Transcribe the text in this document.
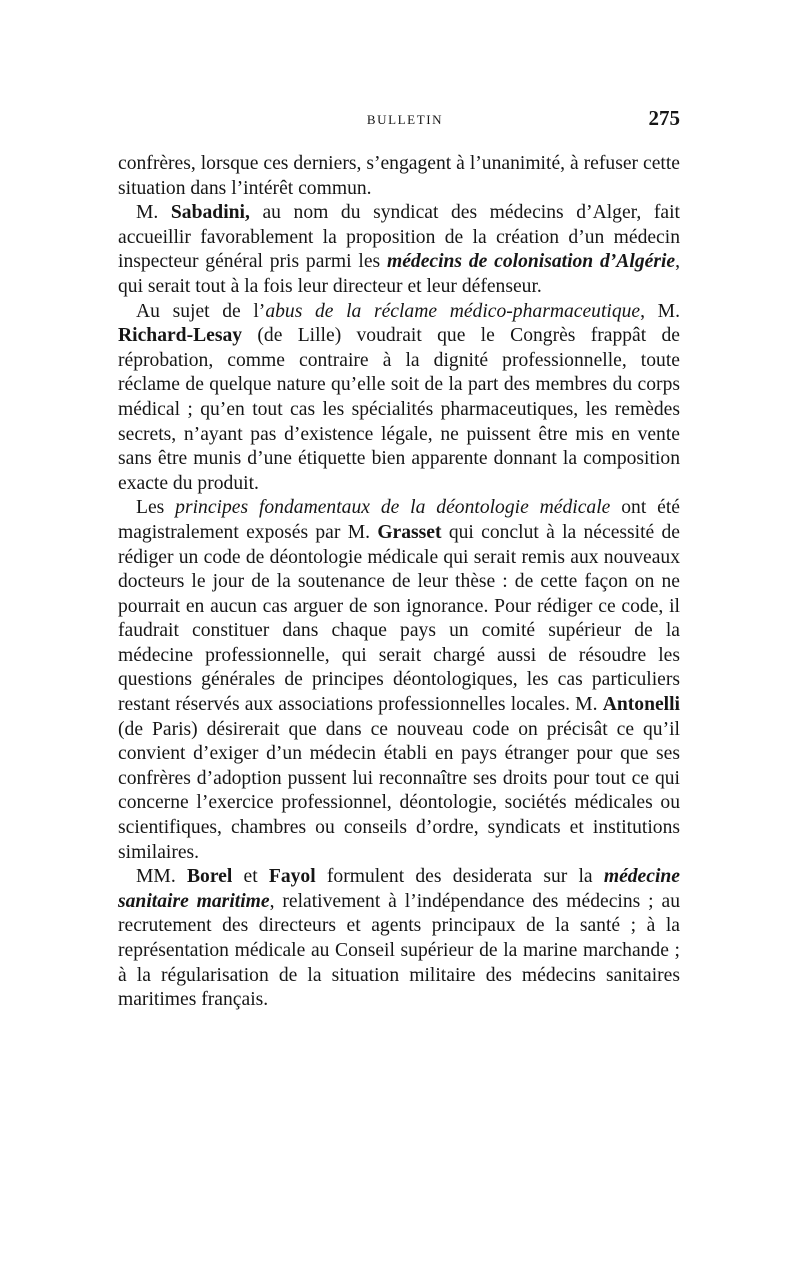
BULLETIN	275

confrères, lorsque ces derniers, s’engagent à l’unanimité, à refuser cette situation dans l’intérêt commun.

M. Sabadini, au nom du syndicat des médecins d’Alger, fait accueillir favorablement la proposition de la création d’un médecin inspecteur général pris parmi les médecins de colonisation d’Algérie, qui serait tout à la fois leur directeur et leur défenseur.

Au sujet de l’abus de la réclame médico-pharmaceutique, M. Richard-Lesay (de Lille) voudrait que le Congrès frappât de réprobation, comme contraire à la dignité professionnelle, toute réclame de quelque nature qu’elle soit de la part des membres du corps médical ; qu’en tout cas les spécialités pharmaceutiques, les remèdes secrets, n’ayant pas d’existence légale, ne puissent être mis en vente sans être munis d’une étiquette bien apparente donnant la composition exacte du produit.

Les principes fondamentaux de la déontologie médicale ont été magistralement exposés par M. Grasset qui conclut à la nécessité de rédiger un code de déontologie médicale qui serait remis aux nouveaux docteurs le jour de la soutenance de leur thèse : de cette façon on ne pourrait en aucun cas arguer de son ignorance. Pour rédiger ce code, il faudrait constituer dans chaque pays un comité supérieur de la médecine professionnelle, qui serait chargé aussi de résoudre les questions générales de principes déontologiques, les cas particuliers restant réservés aux associations professionnelles locales. M. Antonelli (de Paris) désirerait que dans ce nouveau code on précisât ce qu’il convient d’exiger d’un médecin établi en pays étranger pour que ses confrères d’adoption pussent lui reconnaître ses droits pour tout ce qui concerne l’exercice professionnel, déontologie, sociétés médicales ou scientifiques, chambres ou conseils d’ordre, syndicats et institutions similaires.

MM. Borel et Fayol formulent des desiderata sur la médecine sanitaire maritime, relativement à l’indépendance des médecins ; au recrutement des directeurs et agents principaux de la santé ; à la représentation médicale au Conseil supérieur de la marine marchande ; à la régularisation de la situation militaire des médecins sanitaires maritimes français.
